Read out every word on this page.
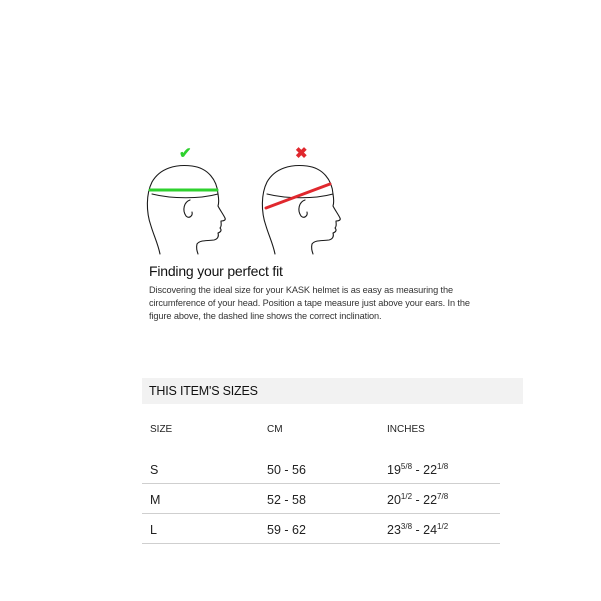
✔	✖
Finding your perfect fit
Discovering the ideal size for your KASK helmet is as easy as measuring the circumference of your head. Position a tape measure just above your ears. In the figure above, the dashed line shows the correct inclination.
THIS ITEM'S SIZES
SIZE	CM	INCHES
S	50 - 56	$19^{5/8} - 22^{1/8}$
M	52 - 58	$20^{1/2} - 22^{7/8}$
L	59 - 62	$23^{3/8} - 24^{1/2}$
